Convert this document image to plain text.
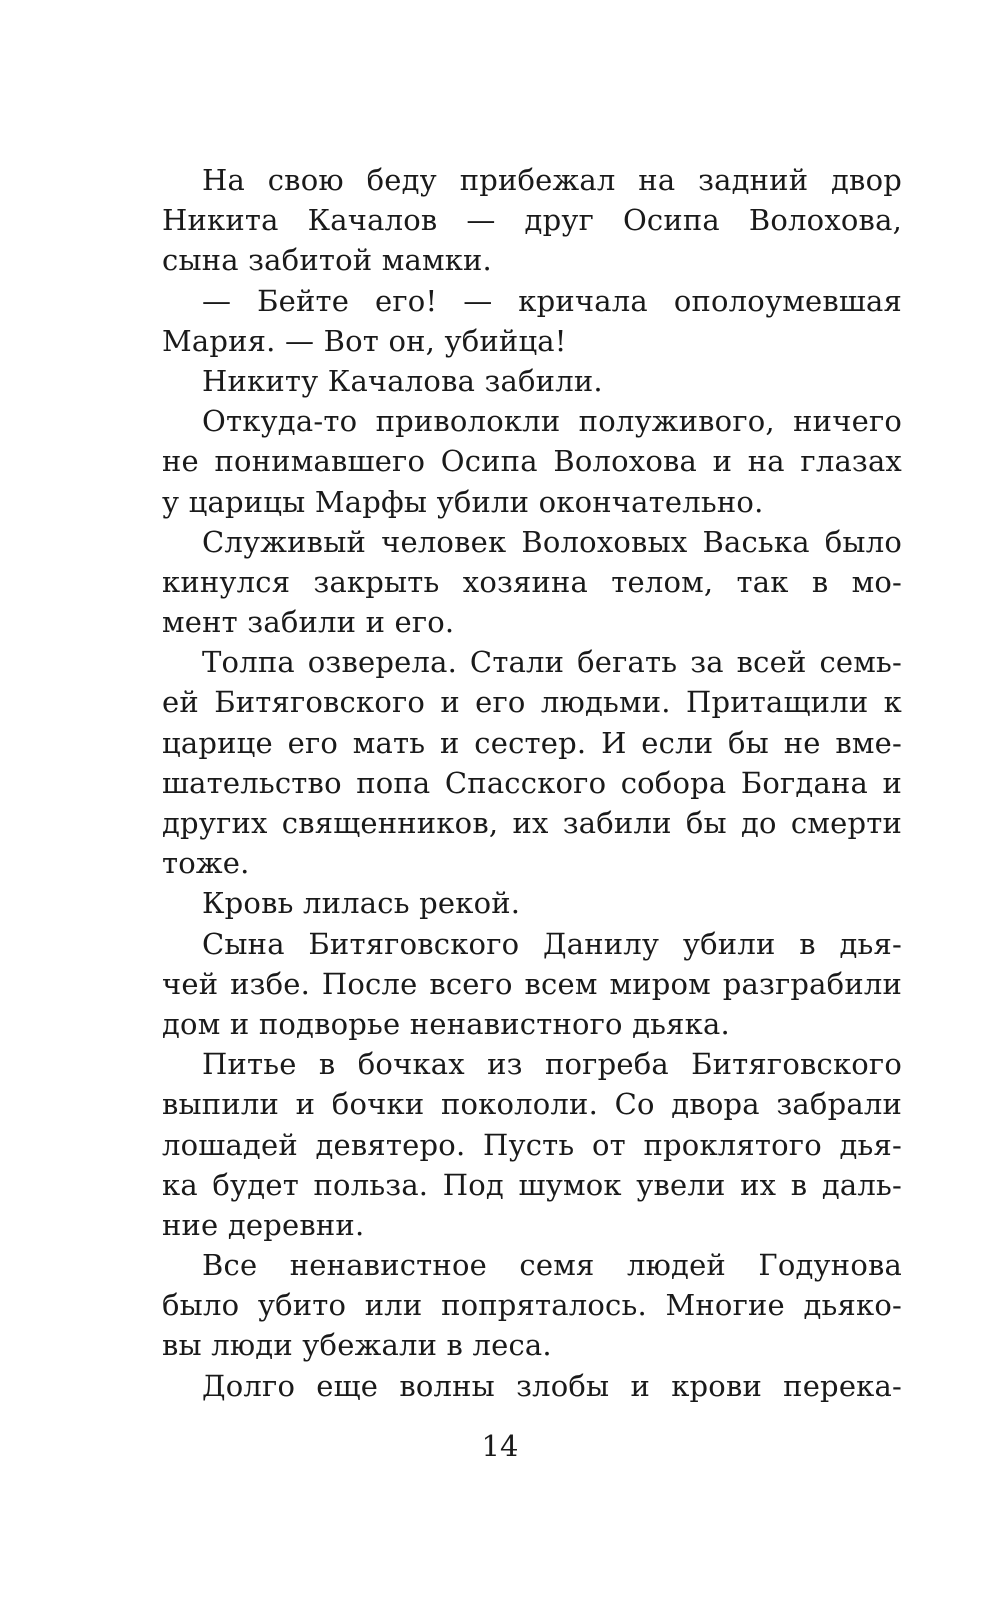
На свою беду прибежал на задний двор
Никита Качалов — друг Осипа Волохова,
сына забитой мамки.
— Бейте его! — кричала ополоумевшая
Мария. — Вот он, убийца!
Никиту Качалова забили.
Откуда-то приволокли полуживого, ничего
не понимавшего Осипа Волохова и на глазах
у царицы Марфы убили окончательно.
Служивый человек Волоховых Васька было
кинулся закрыть хозяина телом, так в мо-
мент забили и его.
Толпа озверела. Стали бегать за всей семь-
ей Битяговского и его людьми. Притащили к
царице его мать и сестер. И если бы не вме-
шательство попа Спасского собора Богдана и
других священников, их забили бы до смерти
тоже.
Кровь лилась рекой.
Сына Битяговского Данилу убили в дья-
чей избе. После всего всем миром разграбили
дом и подворье ненавистного дьяка.
Питье в бочках из погреба Битяговского
выпили и бочки покололи. Со двора забрали
лошадей девятеро. Пусть от проклятого дья-
ка будет польза. Под шумок увели их в даль-
ние деревни.
Все ненавистное семя людей Годунова
было убито или попряталось. Многие дьяко-
вы люди убежали в леса.
Долго еще волны злобы и крови перека-
14
